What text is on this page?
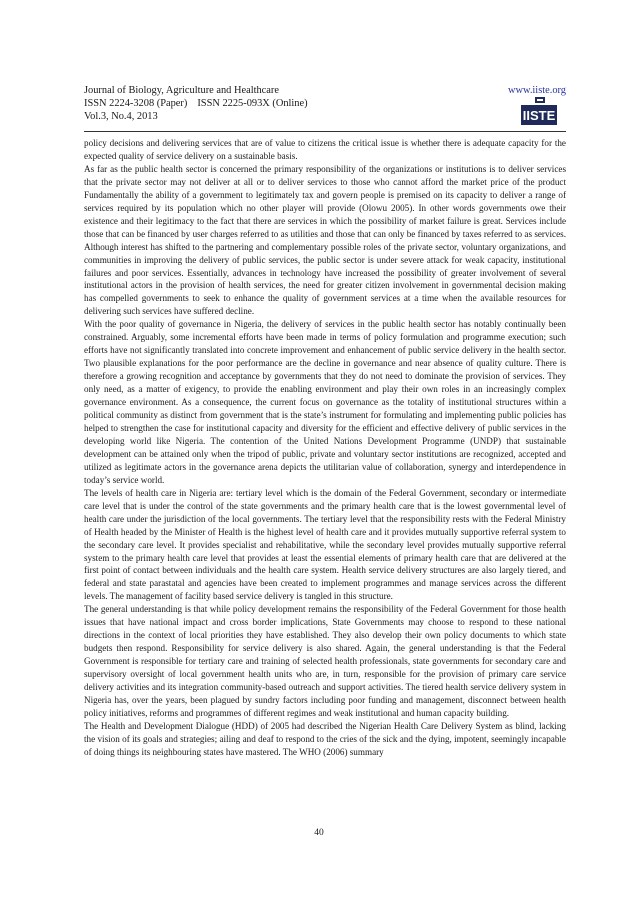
Journal of Biology, Agriculture and Healthcare
ISSN 2224-3208 (Paper) ISSN 2225-093X (Online)
Vol.3, No.4, 2013
www.iiste.org
IISTE

policy decisions and delivering services that are of value to citizens the critical issue is whether there is adequate capacity for the expected quality of service delivery on a sustainable basis.

As far as the public health sector is concerned the primary responsibility of the organizations or institutions is to deliver services that the private sector may not deliver at all or to deliver services to those who cannot afford the market price of the product Fundamentally the ability of a government to legitimately tax and govern people is premised on its capacity to deliver a range of services required by its population which no other player will provide (Olowu 2005). In other words governments owe their existence and their legitimacy to the fact that there are services in which the possibility of market failure is great. Services include those that can be financed by user charges referred to as utilities and those that can only be financed by taxes referred to as services. Although interest has shifted to the partnering and complementary possible roles of the private sector, voluntary organizations, and communities in improving the delivery of public services, the public sector is under severe attack for weak capacity, institutional failures and poor services. Essentially, advances in technology have increased the possibility of greater involvement of several institutional actors in the provision of health services, the need for greater citizen involvement in governmental decision making has compelled governments to seek to enhance the quality of government services at a time when the available resources for delivering such services have suffered decline.

With the poor quality of governance in Nigeria, the delivery of services in the public health sector has notably continually been constrained. Arguably, some incremental efforts have been made in terms of policy formulation and programme execution; such efforts have not significantly translated into concrete improvement and enhancement of public service delivery in the health sector. Two plausible explanations for the poor performance are the decline in governance and near absence of quality culture. There is therefore a growing recognition and acceptance by governments that they do not need to dominate the provision of services. They only need, as a matter of exigency, to provide the enabling environment and play their own roles in an increasingly complex governance environment. As a consequence, the current focus on governance as the totality of institutional structures within a political community as distinct from government that is the state’s instrument for formulating and implementing public policies has helped to strengthen the case for institutional capacity and diversity for the efficient and effective delivery of public services in the developing world like Nigeria. The contention of the United Nations Development Programme (UNDP) that sustainable development can be attained only when the tripod of public, private and voluntary sector institutions are recognized, accepted and utilized as legitimate actors in the governance arena depicts the utilitarian value of collaboration, synergy and interdependence in today’s service world.

The levels of health care in Nigeria are: tertiary level which is the domain of the Federal Government, secondary or intermediate care level that is under the control of the state governments and the primary health care that is the lowest governmental level of health care under the jurisdiction of the local governments. The tertiary level that the responsibility rests with the Federal Ministry of Health headed by the Minister of Health is the highest level of health care and it provides mutually supportive referral system to the secondary care level. It provides specialist and rehabilitative, while the secondary level provides mutually supportive referral system to the primary health care level that provides at least the essential elements of primary health care that are delivered at the first point of contact between individuals and the health care system. Health service delivery structures are also largely tiered, and federal and state parastatal and agencies have been created to implement programmes and manage services across the different levels. The management of facility based service delivery is tangled in this structure.

The general understanding is that while policy development remains the responsibility of the Federal Government for those health issues that have national impact and cross border implications, State Governments may choose to respond to these national directions in the context of local priorities they have established. They also develop their own policy documents to which state budgets then respond. Responsibility for service delivery is also shared. Again, the general understanding is that the Federal Government is responsible for tertiary care and training of selected health professionals, state governments for secondary care and supervisory oversight of local government health units who are, in turn, responsible for the provision of primary care service delivery activities and its integration community-based outreach and support activities. The tiered health service delivery system in Nigeria has, over the years, been plagued by sundry factors including poor funding and management, disconnect between health policy initiatives, reforms and programmes of different regimes and weak institutional and human capacity building.

The Health and Development Dialogue (HDD) of 2005 had described the Nigerian Health Care Delivery System as blind, lacking the vision of its goals and strategies; ailing and deaf to respond to the cries of the sick and the dying, impotent, seemingly incapable of doing things its neighbouring states have mastered. The WHO (2006) summary

40
